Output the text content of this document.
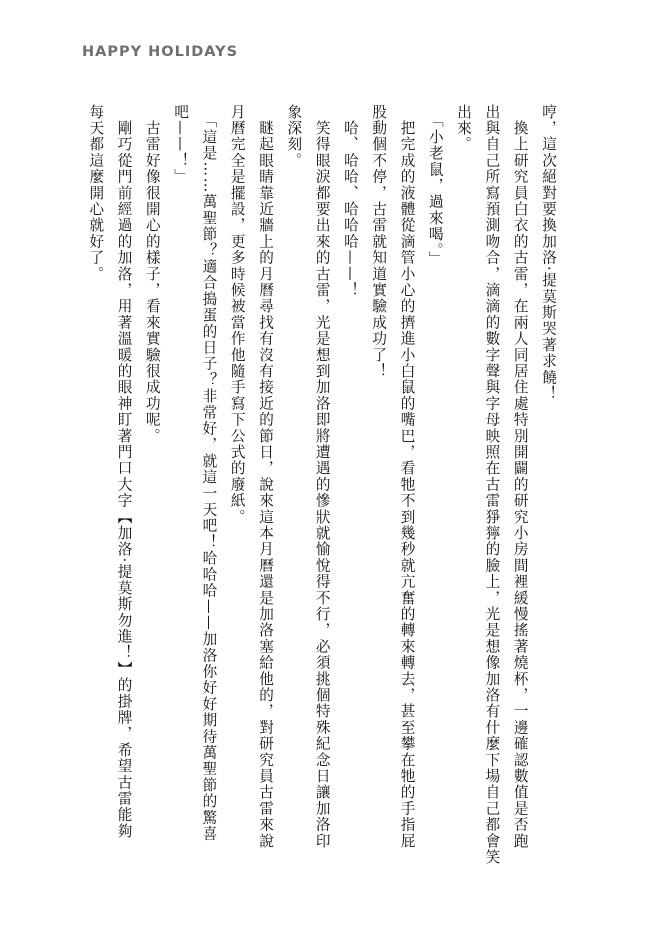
HAPPY HOLIDAYS

哼，這次絕對要換加洛‧提莫斯哭著求饒！

　換上研究員白衣的古雷，在兩人同居住處特別開闢的研究小房間裡緩慢搖著燒杯，一邊確認數值是否跑

出與自己所寫預測吻合，滴滴的數字聲與字母映照在古雷猙獰的臉上，光是想像加洛有什麼下場自己都會笑

出來。

　「小老鼠，過來喝。」

　把完成的液體從滴管小心的擠進小白鼠的嘴巴，看牠不到幾秒就亢奮的轉來轉去，甚至攀在牠的手指屁

股動個不停，古雷就知道實驗成功了！

　哈、哈哈、哈哈哈——！

　笑得眼淚都要出來的古雷，光是想到加洛即將遭遇的慘狀就愉悅得不行，必須挑個特殊紀念日讓加洛印

象深刻。

　瞇起眼睛靠近牆上的月曆尋找有沒有接近的節日，說來這本月曆還是加洛塞給他的，對研究員古雷來說

月曆完全是擺設，更多時候被當作他隨手寫下公式的廢紙。

　「這是……萬聖節？適合搗蛋的日子？非常好，就這一天吧！哈哈哈——加洛你好好期待萬聖節的驚喜

吧——！」

　古雷好像很開心的樣子，看來實驗很成功呢。

　剛巧從門前經過的加洛，用著溫暖的眼神盯著門口大字【加洛‧提莫斯勿進！】的掛牌，希望古雷能夠

每天都這麼開心就好了。
